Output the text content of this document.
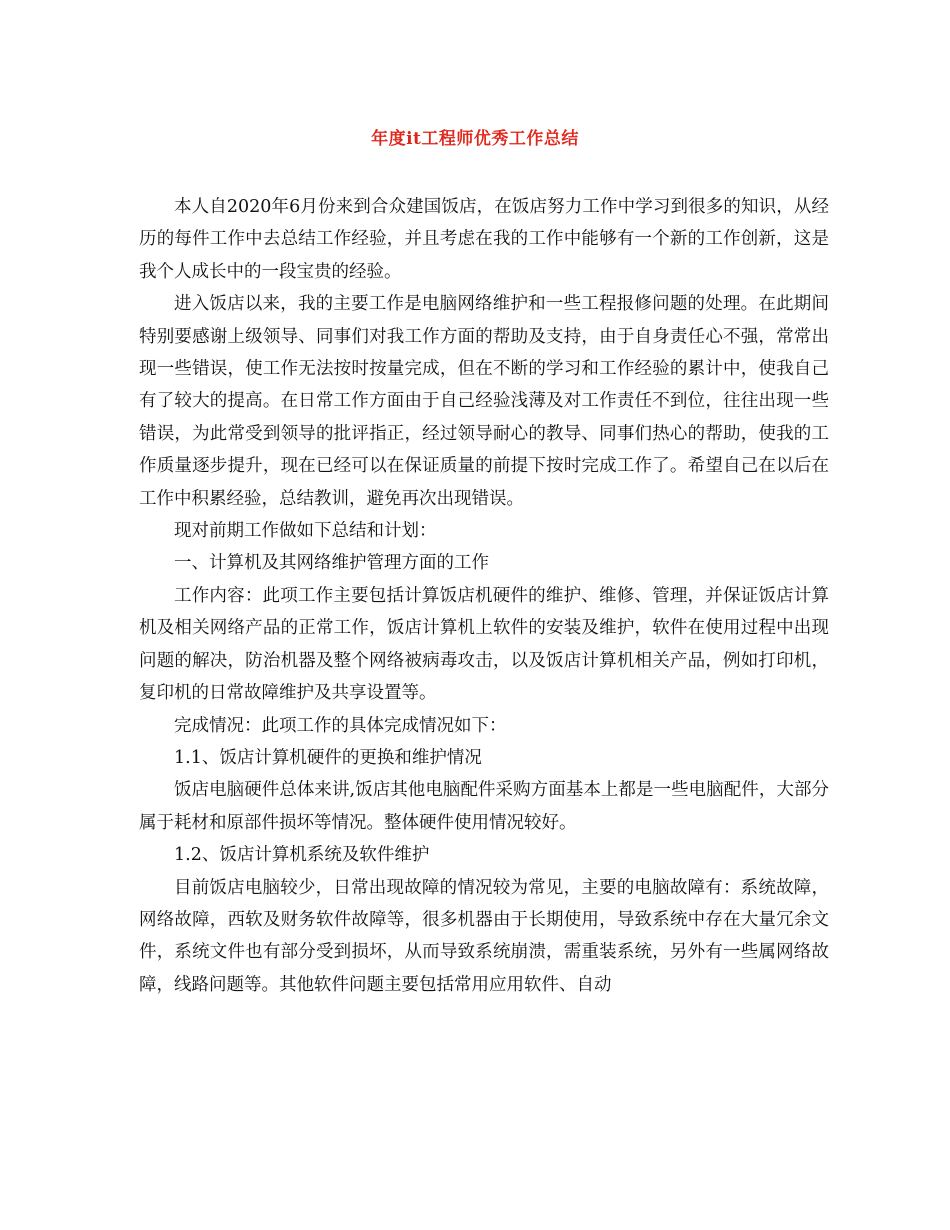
年度it工程师优秀工作总结

本人自2020年6月份来到合众建国饭店，在饭店努力工作中学习到很多的知识，从经历的每件工作中去总结工作经验，并且考虑在我的工作中能够有一个新的工作创新，这是我个人成长中的一段宝贵的经验。

进入饭店以来，我的主要工作是电脑网络维护和一些工程报修问题的处理。在此期间特别要感谢上级领导、同事们对我工作方面的帮助及支持，由于自身责任心不强，常常出现一些错误，使工作无法按时按量完成，但在不断的学习和工作经验的累计中，使我自己有了较大的提高。在日常工作方面由于自己经验浅薄及对工作责任不到位，往往出现一些错误，为此常受到领导的批评指正，经过领导耐心的教导、同事们热心的帮助，使我的工作质量逐步提升，现在已经可以在保证质量的前提下按时完成工作了。希望自己在以后在工作中积累经验，总结教训，避免再次出现错误。

现对前期工作做如下总结和计划：

一、计算机及其网络维护管理方面的工作

工作内容：此项工作主要包括计算饭店机硬件的维护、维修、管理，并保证饭店计算机及相关网络产品的正常工作，饭店计算机上软件的安装及维护，软件在使用过程中出现问题的解决，防治机器及整个网络被病毒攻击，以及饭店计算机相关产品，例如打印机，复印机的日常故障维护及共享设置等。

完成情况：此项工作的具体完成情况如下：

1.1、饭店计算机硬件的更换和维护情况

饭店电脑硬件总体来讲,饭店其他电脑配件采购方面基本上都是一些电脑配件，大部分属于耗材和原部件损坏等情况。整体硬件使用情况较好。

1.2、饭店计算机系统及软件维护

目前饭店电脑较少，日常出现故障的情况较为常见，主要的电脑故障有：系统故障，网络故障，西软及财务软件故障等，很多机器由于长期使用，导致系统中存在大量冗余文件，系统文件也有部分受到损坏，从而导致系统崩溃，需重装系统，另外有一些属网络故障，线路问题等。其他软件问题主要包括常用应用软件、自动
